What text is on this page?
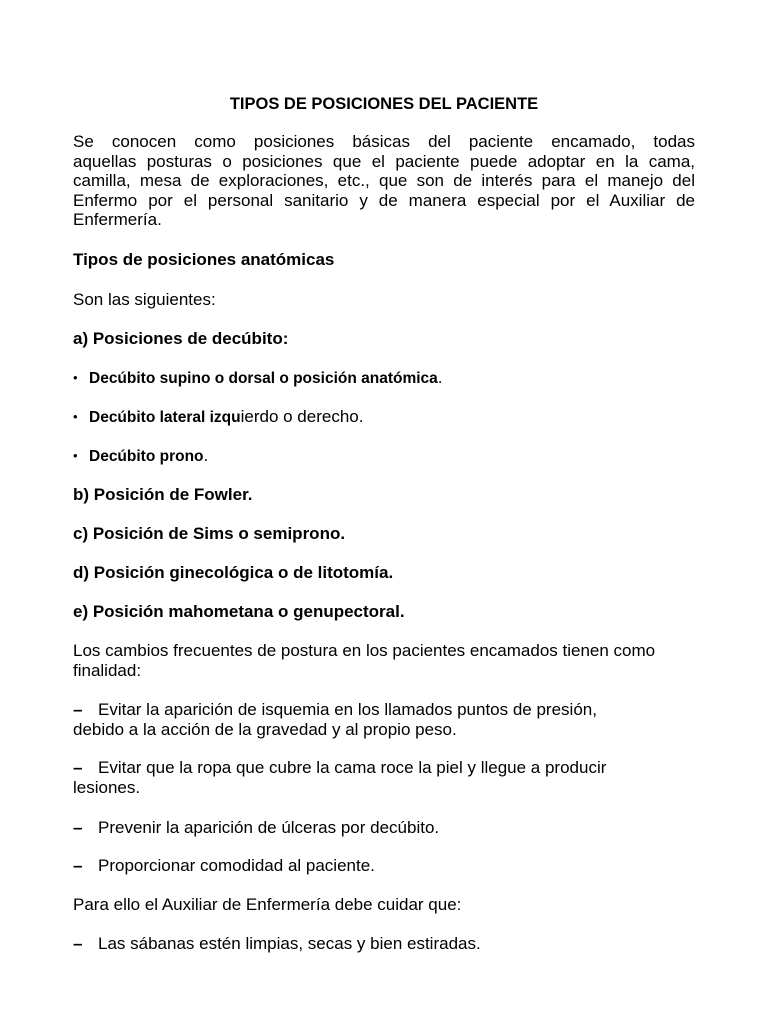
TIPOS DE POSICIONES DEL PACIENTE

Se conocen como posiciones básicas del paciente encamado, todas
aquellas posturas o posiciones que el paciente puede adoptar en la cama,
camilla, mesa de exploraciones, etc., que son de interés para el manejo del
Enfermo por el personal sanitario y de manera especial por el Auxiliar de
Enfermería.

Tipos de posiciones anatómicas

Son las siguientes:

a) Posiciones de decúbito:

• Decúbito supino o dorsal o posición anatómica.

• Decúbito lateral izquierdo o derecho.

• Decúbito prono.

b) Posición de Fowler.

c) Posición de Sims o semiprono.

d) Posición ginecológica o de litotomía.

e) Posición mahometana o genupectoral.

Los cambios frecuentes de postura en los pacientes encamados tienen como
finalidad:
– Evitar la aparición de isquemia en los llamados puntos de presión,
debido a la acción de la gravedad y al propio peso.
– Evitar que la ropa que cubre la cama roce la piel y llegue a producir
lesiones.
– Prevenir la aparición de úlceras por decúbito.
– Proporcionar comodidad al paciente.

Para ello el Auxiliar de Enfermería debe cuidar que:

– Las sábanas estén limpias, secas y bien estiradas.
